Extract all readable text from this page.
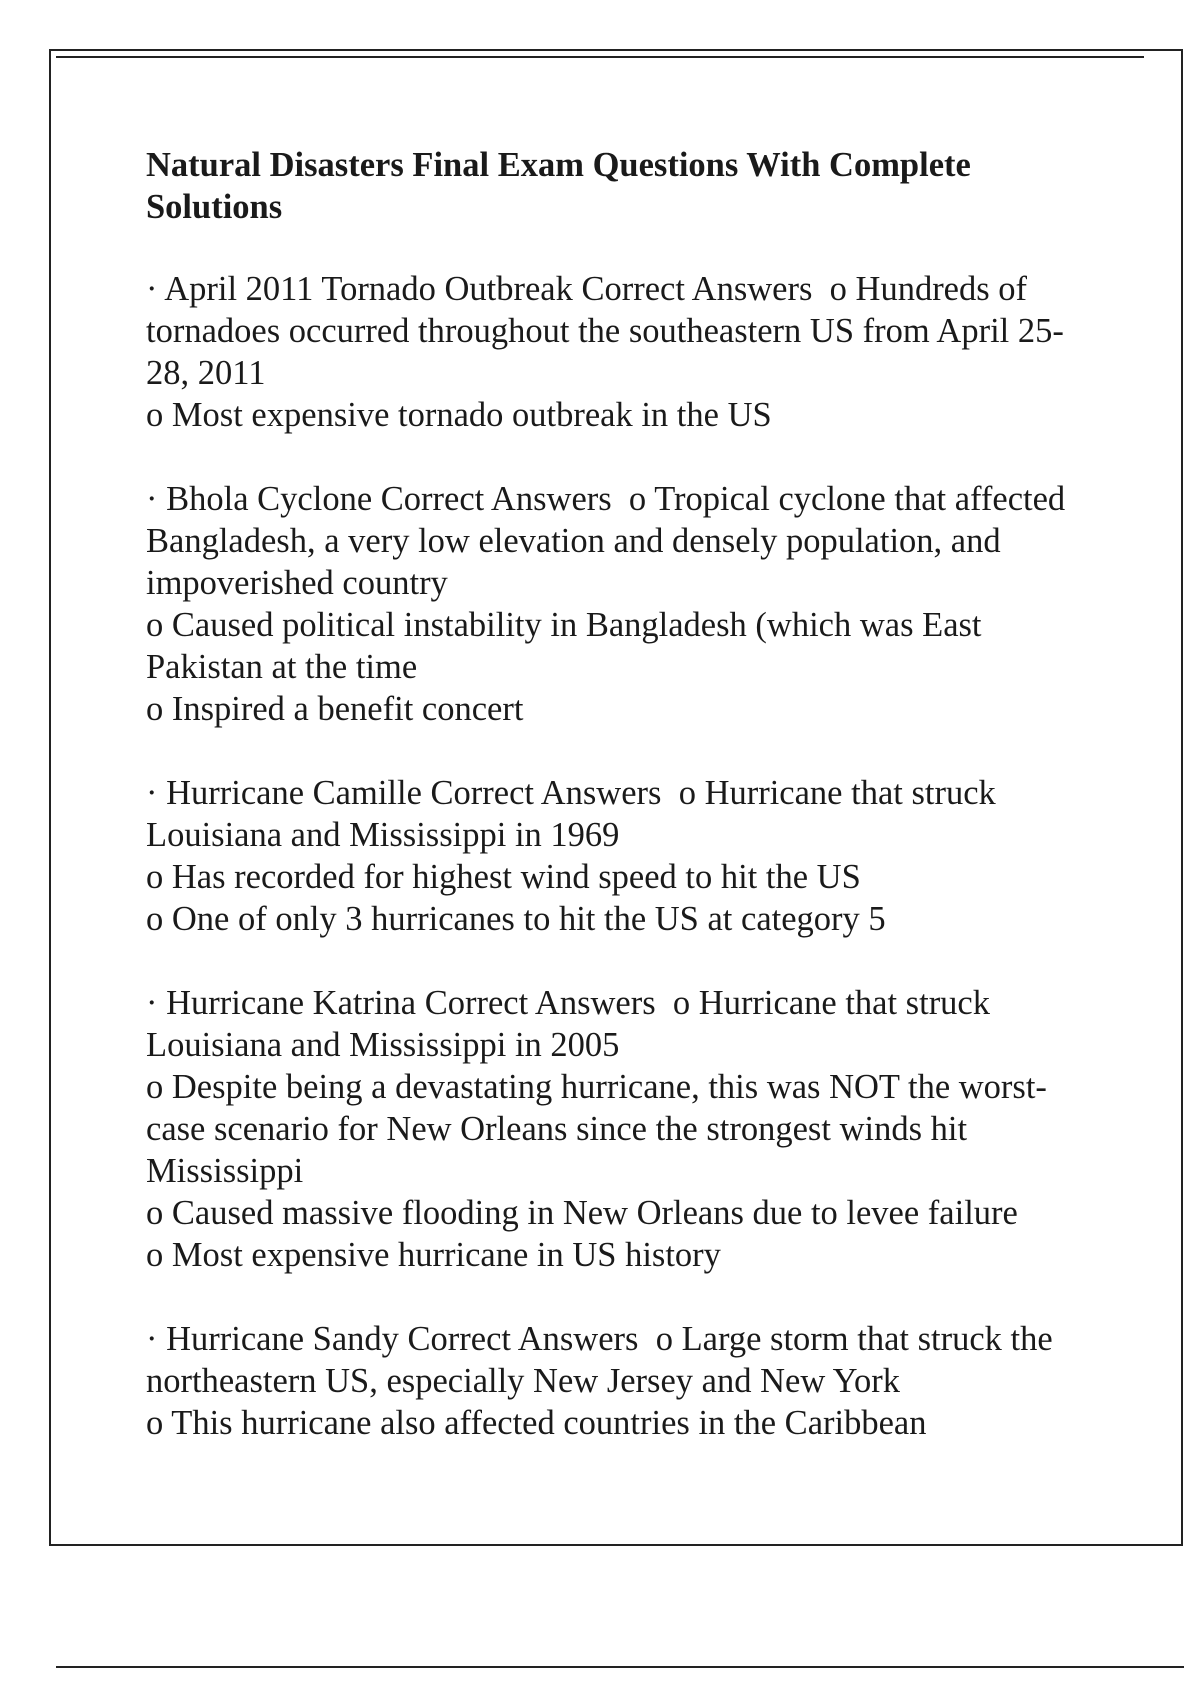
Natural Disasters Final Exam Questions With Complete Solutions

· April 2011 Tornado Outbreak Correct Answers o Hundreds of tornadoes occurred throughout the southeastern US from April 25-28, 2011

o Most expensive tornado outbreak in the US

· Bhola Cyclone Correct Answers o Tropical cyclone that affected Bangladesh, a very low elevation and densely population, and impoverished country

o Caused political instability in Bangladesh (which was East Pakistan at the time

o Inspired a benefit concert

· Hurricane Camille Correct Answers o Hurricane that struck Louisiana and Mississippi in 1969

o Has recorded for highest wind speed to hit the US

o One of only 3 hurricanes to hit the US at category 5

· Hurricane Katrina Correct Answers o Hurricane that struck Louisiana and Mississippi in 2005

o Despite being a devastating hurricane, this was NOT the worst-case scenario for New Orleans since the strongest winds hit Mississippi

o Caused massive flooding in New Orleans due to levee failure

o Most expensive hurricane in US history

· Hurricane Sandy Correct Answers o Large storm that struck the northeastern US, especially New Jersey and New York

o This hurricane also affected countries in the Caribbean
